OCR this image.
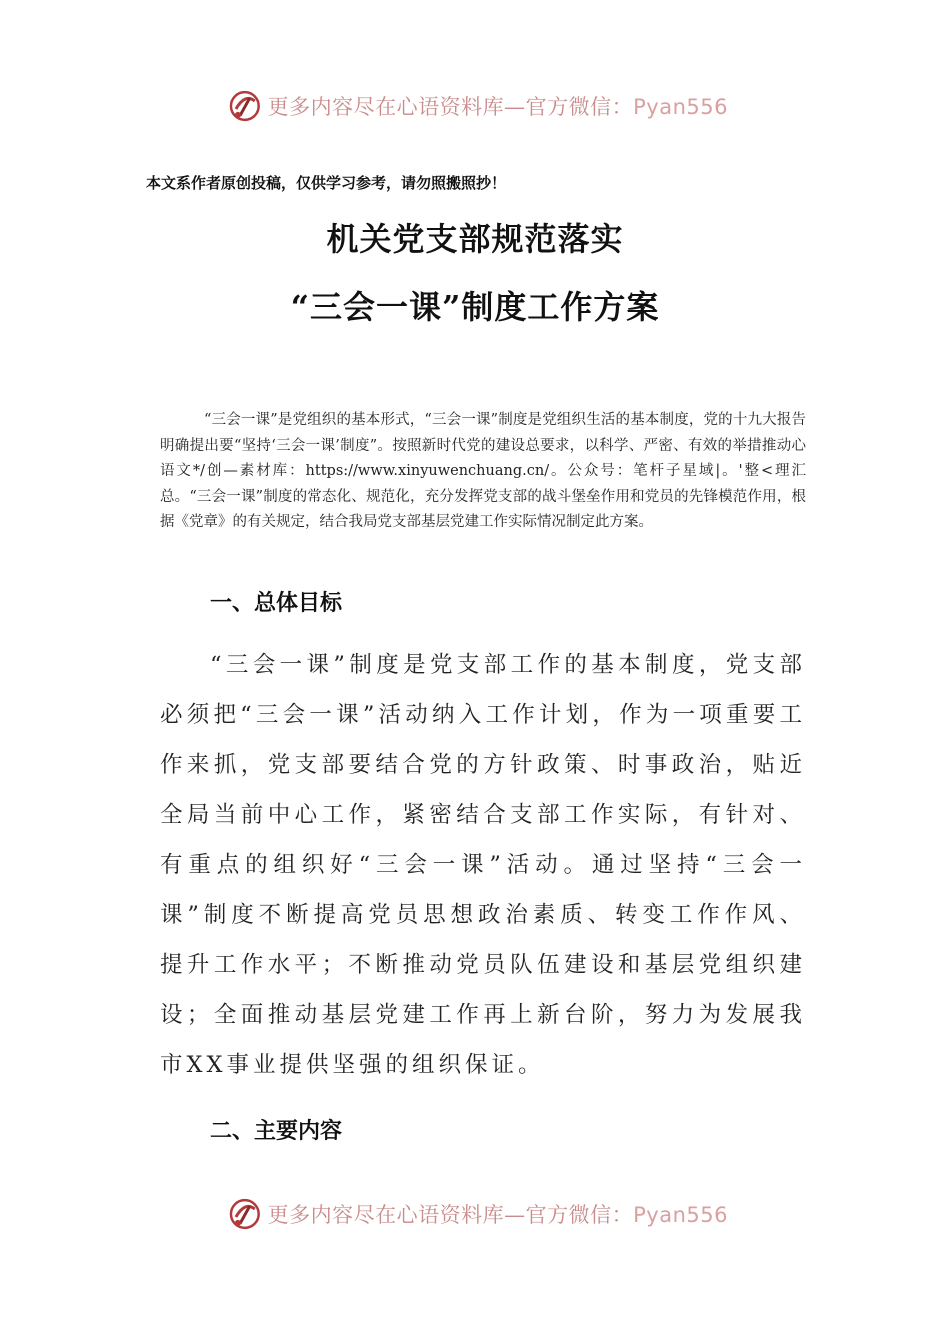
更多内容尽在心语资料库—官方微信：Pyan556
本文系作者原创投稿，仅供学习参考，请勿照搬照抄！
机关党支部规范落实
“三会一课”制度工作方案

“三会一课”是党组织的基本形式，“三会一课”制度是党组织生活的基本制度，党的十九大报告明确提出要“坚持‘三会一课’制度”。按照新时代党的建设总要求，以科学、严密、有效的举措推动心语文*/创—素材库：https://www.xinyuwenchuang.cn/。公众号：笔杆子星域|。'整<理汇总。“三会一课”制度的常态化、规范化，充分发挥党支部的战斗堡垒作用和党员的先锋模范作用，根据《党章》的有关规定，结合我局党支部基层党建工作实际情况制定此方案。

一、总体目标

“三会一课”制度是党支部工作的基本制度，党支部必须把“三会一课”活动纳入工作计划，作为一项重要工作来抓，党支部要结合党的方针政策、时事政治，贴近全局当前中心工作，紧密结合支部工作实际，有针对、有重点的组织好“三会一课”活动。通过坚持“三会一课”制度不断提高党员思想政治素质、转变工作作风、提升工作水平；不断推动党员队伍建设和基层党组织建设；全面推动基层党建工作再上新台阶，努力为发展我市XX事业提供坚强的组织保证。

二、主要内容
更多内容尽在心语资料库—官方微信：Pyan556
